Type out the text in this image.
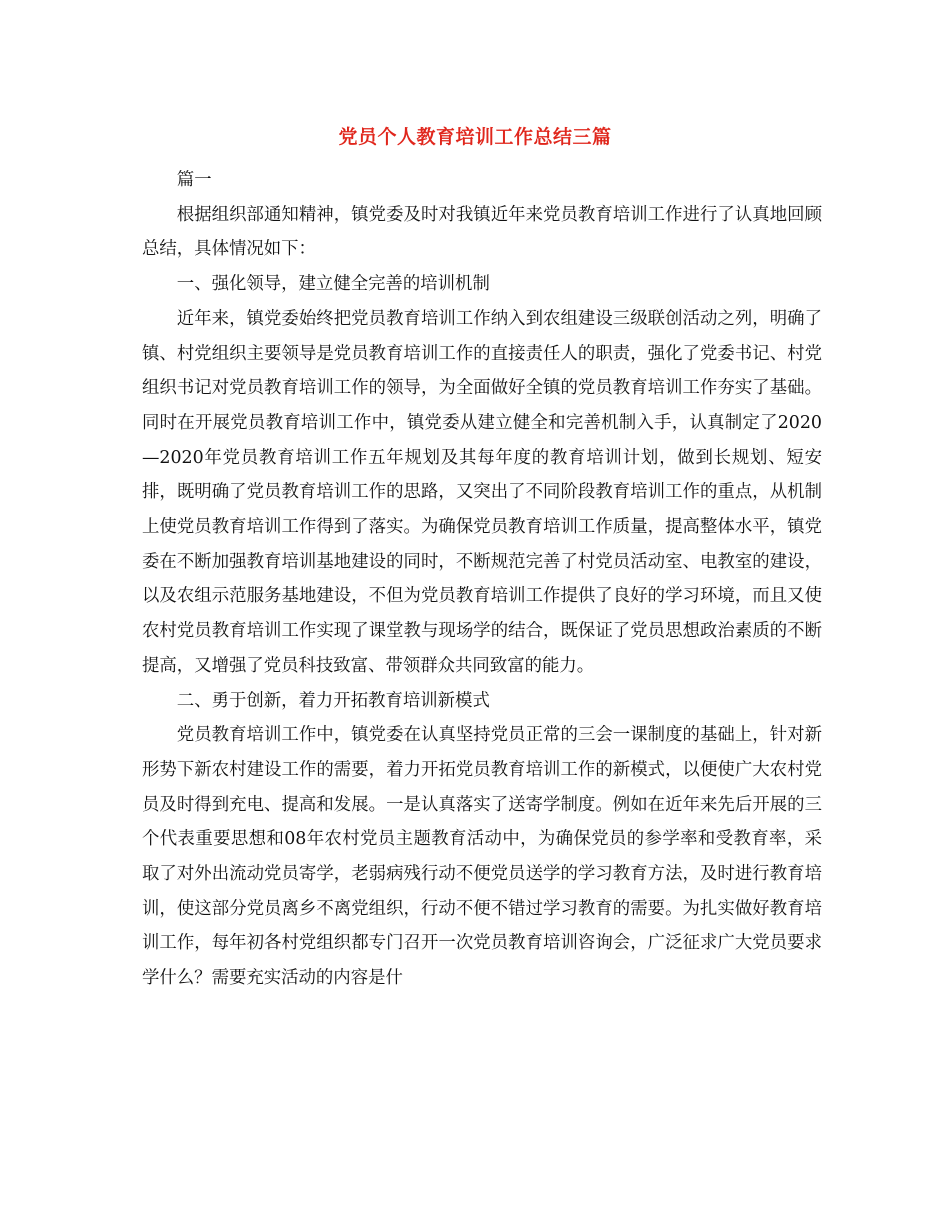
党员个人教育培训工作总结三篇

篇一

根据组织部通知精神，镇党委及时对我镇近年来党员教育培训工作进行了认真地回顾总结，具体情况如下：

一、强化领导，建立健全完善的培训机制

近年来，镇党委始终把党员教育培训工作纳入到农组建设三级联创活动之列，明确了镇、村党组织主要领导是党员教育培训工作的直接责任人的职责，强化了党委书记、村党组织书记对党员教育培训工作的领导，为全面做好全镇的党员教育培训工作夯实了基础。同时在开展党员教育培训工作中，镇党委从建立健全和完善机制入手，认真制定了2020—2020年党员教育培训工作五年规划及其每年度的教育培训计划，做到长规划、短安排，既明确了党员教育培训工作的思路，又突出了不同阶段教育培训工作的重点，从机制上使党员教育培训工作得到了落实。为确保党员教育培训工作质量，提高整体水平，镇党委在不断加强教育培训基地建设的同时，不断规范完善了村党员活动室、电教室的建设，以及农组示范服务基地建设，不但为党员教育培训工作提供了良好的学习环境，而且又使农村党员教育培训工作实现了课堂教与现场学的结合，既保证了党员思想政治素质的不断提高，又增强了党员科技致富、带领群众共同致富的能力。

二、勇于创新，着力开拓教育培训新模式

党员教育培训工作中，镇党委在认真坚持党员正常的三会一课制度的基础上，针对新形势下新农村建设工作的需要，着力开拓党员教育培训工作的新模式，以便使广大农村党员及时得到充电、提高和发展。一是认真落实了送寄学制度。例如在近年来先后开展的三个代表重要思想和08年农村党员主题教育活动中，为确保党员的参学率和受教育率，采取了对外出流动党员寄学，老弱病残行动不便党员送学的学习教育方法，及时进行教育培训，使这部分党员离乡不离党组织，行动不便不错过学习教育的需要。为扎实做好教育培训工作，每年初各村党组织都专门召开一次党员教育培训咨询会，广泛征求广大党员要求学什么？需要充实活动的内容是什
